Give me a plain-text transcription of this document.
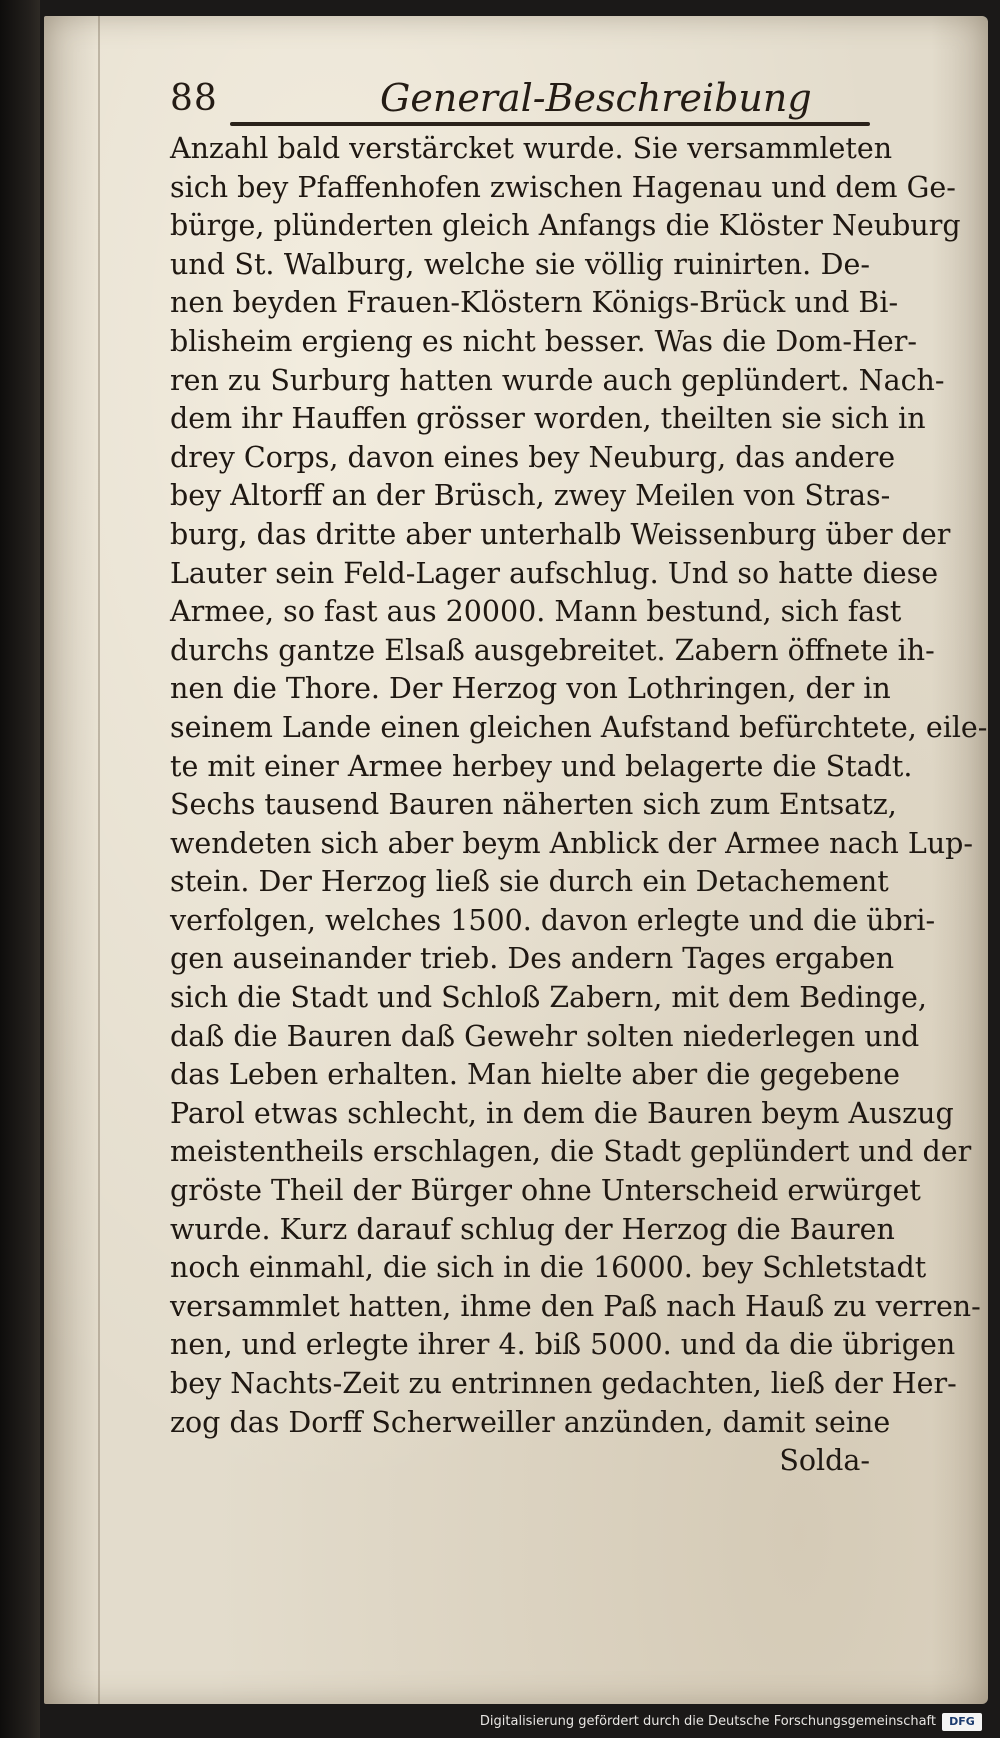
88	General-Beschreibung
Anzahl bald verstärcket wurde. Sie versammleten
sich bey Pfaffenhofen zwischen Hagenau und dem Ge-
bürge, plünderten gleich Anfangs die Klöster Neuburg
und St. Walburg, welche sie völlig ruinirten. De-
nen beyden Frauen-Klöstern Königs-Brück und Bi-
blisheim ergieng es nicht besser. Was die Dom-Her-
ren zu Surburg hatten wurde auch geplündert. Nach-
dem ihr Hauffen grösser worden, theilten sie sich in
drey Corps, davon eines bey Neuburg, das andere
bey Altorff an der Brüsch, zwey Meilen von Stras-
burg, das dritte aber unterhalb Weissenburg über der
Lauter sein Feld-Lager aufschlug. Und so hatte diese
Armee, so fast aus 20000. Mann bestund, sich fast
durchs gantze Elsaß ausgebreitet. Zabern öffnete ih-
nen die Thore. Der Herzog von Lothringen, der in
seinem Lande einen gleichen Aufstand befürchtete, eile-
te mit einer Armee herbey und belagerte die Stadt.
Sechs tausend Bauren näherten sich zum Entsatz,
wendeten sich aber beym Anblick der Armee nach Lup-
stein. Der Herzog ließ sie durch ein Detachement
verfolgen, welches 1500. davon erlegte und die übri-
gen auseinander trieb. Des andern Tages ergaben
sich die Stadt und Schloß Zabern, mit dem Bedinge,
daß die Bauren daß Gewehr solten niederlegen und
das Leben erhalten. Man hielte aber die gegebene
Parol etwas schlecht, in dem die Bauren beym Auszug
meistentheils erschlagen, die Stadt geplündert und der
gröste Theil der Bürger ohne Unterscheid erwürget
wurde. Kurz darauf schlug der Herzog die Bauren
noch einmahl, die sich in die 16000. bey Schletstadt
versammlet hatten, ihme den Paß nach Hauß zu verren-
nen, und erlegte ihrer 4. biß 5000. und da die übrigen
bey Nachts-Zeit zu entrinnen gedachten, ließ der Her-
zog das Dorff Scherweiller anzünden, damit seine
Solda-
Digitalisierung gefördert durch die Deutsche Forschungsgemeinschaft	DFG
